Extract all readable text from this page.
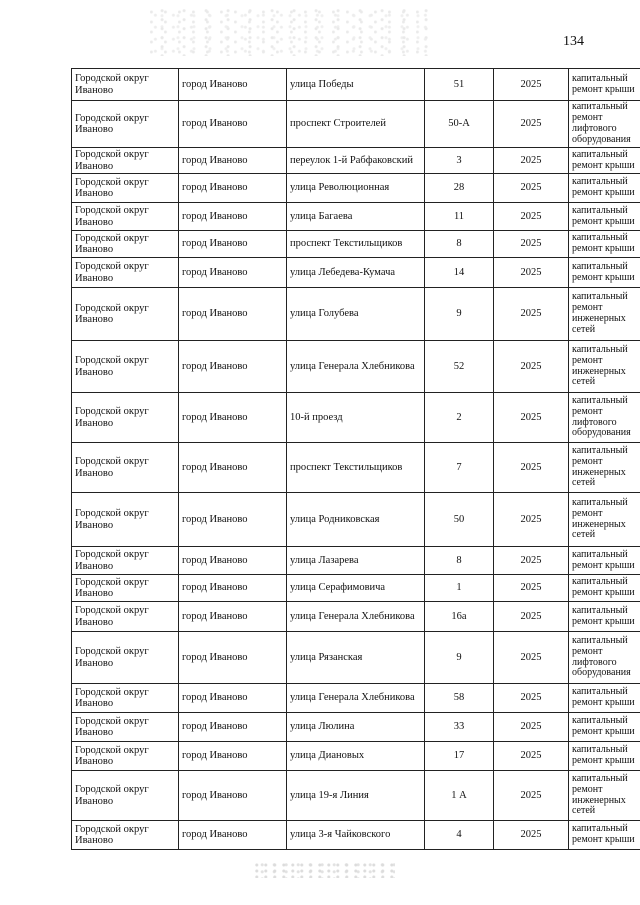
134
Городской округ Иваново	город Иваново	улица Победы	51	2025	капитальный ремонт крыши
Городской округ Иваново	город Иваново	проспект Строителей	50-А	2025	капитальный ремонт лифтового оборудования
Городской округ Иваново	город Иваново	переулок 1-й Рабфаковский	3	2025	капитальный ремонт крыши
Городской округ Иваново	город Иваново	улица Революционная	28	2025	капитальный ремонт крыши
Городской округ Иваново	город Иваново	улица Багаева	11	2025	капитальный ремонт крыши
Городской округ Иваново	город Иваново	проспект Текстильщиков	8	2025	капитальный ремонт крыши
Городской округ Иваново	город Иваново	улица Лебедева-Кумача	14	2025	капитальный ремонт крыши
Городской округ Иваново	город Иваново	улица Голубева	9	2025	капитальный ремонт инженерных сетей
Городской округ Иваново	город Иваново	улица Генерала Хлебникова	52	2025	капитальный ремонт инженерных сетей
Городской округ Иваново	город Иваново	10-й проезд	2	2025	капитальный ремонт лифтового оборудования
Городской округ Иваново	город Иваново	проспект Текстильщиков	7	2025	капитальный ремонт инженерных сетей
Городской округ Иваново	город Иваново	улица Родниковская	50	2025	капитальный ремонт инженерных сетей
Городской округ Иваново	город Иваново	улица Лазарева	8	2025	капитальный ремонт крыши
Городской округ Иваново	город Иваново	улица Серафимовича	1	2025	капитальный ремонт крыши
Городской округ Иваново	город Иваново	улица Генерала Хлебникова	16а	2025	капитальный ремонт крыши
Городской округ Иваново	город Иваново	улица Рязанская	9	2025	капитальный ремонт лифтового оборудования
Городской округ Иваново	город Иваново	улица Генерала Хлебникова	58	2025	капитальный ремонт крыши
Городской округ Иваново	город Иваново	улица Люлина	33	2025	капитальный ремонт крыши
Городской округ Иваново	город Иваново	улица Диановых	17	2025	капитальный ремонт крыши
Городской округ Иваново	город Иваново	улица 19-я Линия	1 А	2025	капитальный ремонт инженерных сетей
Городской округ Иваново	город Иваново	улица 3-я Чайковского	4	2025	капитальный ремонт крыши
